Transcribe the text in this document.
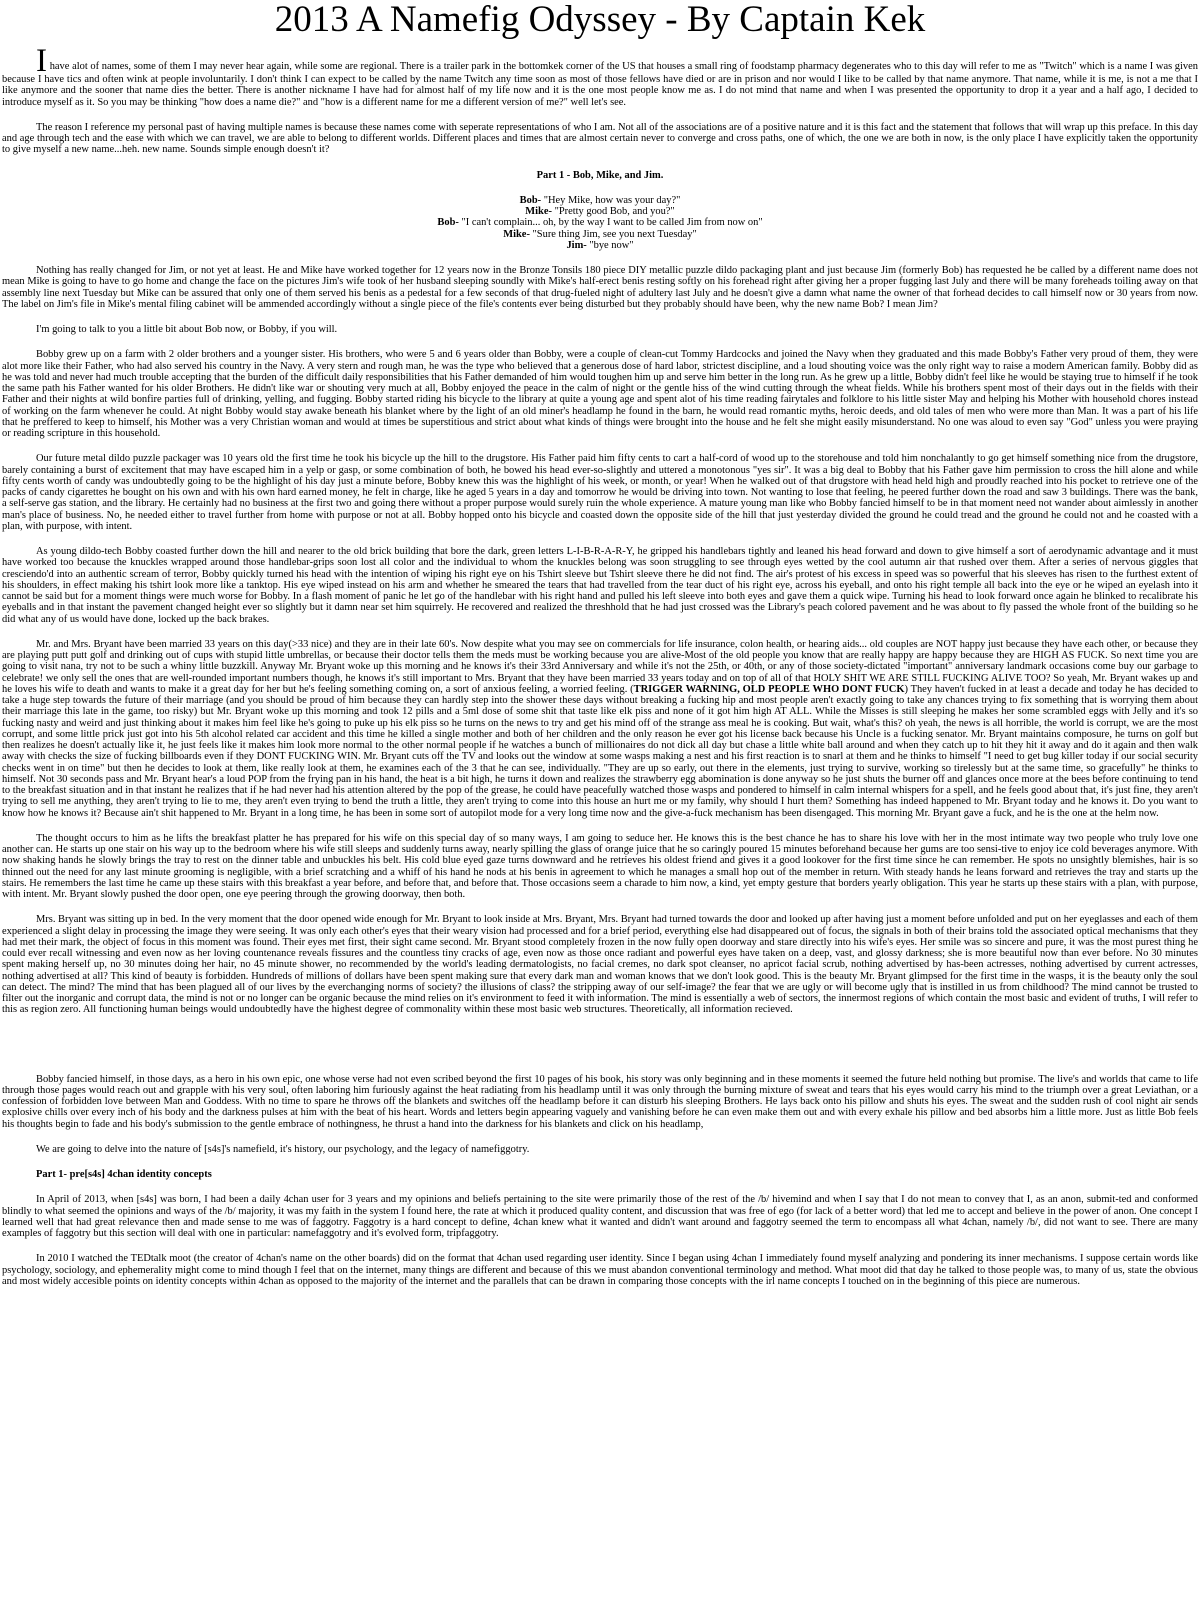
2013 A Namefig Odyssey - By Captain Kek

I have alot of names, some of them I may never hear again, while some are regional. There is a trailer park in the bottomkek corner of the US that houses a small ring of foodstamp pharmacy degenerates who to this day will refer to me as "Twitch" which is a name I was given because I have tics and often wink at people involuntarily. I don't think I can expect to be called by the name Twitch any time soon as most of those fellows have died or are in prison and nor would I like to be called by that name anymore. That name, while it is me, is not a me that I like anymore and the sooner that name dies the better. There is another nickname I have had for almost half of my life now and it is the one most people know me as. I do not mind that name and when I was presented the opportunity to drop it a year and a half ago, I decided to introduce myself as it. So you may be thinking "how does a name die?" and "how is a different name for me a different version of me?" well let's see.

The reason I reference my personal past of having multiple names is because these names come with seperate representations of who I am. Not all of the associations are of a positive nature and it is this fact and the statement that follows that will wrap up this preface. In this day and age through tech and the ease with which we can travel, we are able to belong to different worlds. Different places and times that are almost certain never to converge and cross paths, one of which, the one we are both in now, is the only place I have explicitly taken the opportunity to give myself a new name...heh. new name. Sounds simple enough doesn't it?

Part 1 - Bob, Mike, and Jim.

Bob- "Hey Mike, how was your day?"
Mike- "Pretty good Bob, and you?"
Bob- "I can't complain... oh, by the way I want to be called Jim from now on"
Mike- "Sure thing Jim, see you next Tuesday"
Jim- "bye now"

Nothing has really changed for Jim, or not yet at least. He and Mike have worked together for 12 years now in the Bronze Tonsils 180 piece DIY metallic puzzle dildo packaging plant and just because Jim (formerly Bob) has requested he be called by a different name does not mean Mike is going to have to go home and change the face on the pictures Jim's wife took of her husband sleeping soundly with Mike's half-erect benis resting softly on his forehead right after giving her a proper fugging last July and there will be many foreheads toiling away on that assembly line next Tuesday but Mike can be assured that only one of them served his benis as a pedestal for a few seconds of that drug-fueled night of adultery last July and he doesn't give a damn what name the owner of that forhead decides to call himself now or 30 years from now. The label on Jim's file in Mike's mental filing cabinet will be ammended accordingly without a single piece of the file's contents ever being disturbed but they probably should have been, why the new name Bob? I mean Jim?

I'm going to talk to you a little bit about Bob now, or Bobby, if you will.

Bobby grew up on a farm with 2 older brothers and a younger sister. His brothers, who were 5 and 6 years older than Bobby, were a couple of clean-cut Tommy Hardcocks and joined the Navy when they graduated and this made Bobby's Father very proud of them, they were alot more like their Father, who had also served his country in the Navy. A very stern and rough man, he was the type who believed that a generous dose of hard labor, strictest discipline, and a loud shouting voice was the only right way to raise a modern American family. Bobby did as he was told and never had much trouble accepting that the burden of the difficult daily responsibilities that his Father demanded of him would toughen him up and serve him better in the long run. As he grew up a little, Bobby didn't feel like he would be staying true to himself if he took the same path his Father wanted for his older Brothers. He didn't like war or shouting very much at all, Bobby enjoyed the peace in the calm of night or the gentle hiss of the wind cutting through the wheat fields. While his brothers spent most of their days out in the fields with their Father and their nights at wild bonfire parties full of drinking, yelling, and fugging. Bobby started riding his bicycle to the library at quite a young age and spent alot of his time reading fairytales and folklore to his little sister May and helping his Mother with household chores instead of working on the farm whenever he could. At night Bobby would stay awake beneath his blanket where by the light of an old miner's headlamp he found in the barn, he would read romantic myths, heroic deeds, and old tales of men who were more than Man. It was a part of his life that he preffered to keep to himself, his Mother was a very Christian woman and would at times be superstitious and strict about what kinds of things were brought into the house and he felt she might easily misunderstand. No one was aloud to even say "God" unless you were praying or reading scripture in this household.

Our future metal dildo puzzle packager was 10 years old the first time he took his bicycle up the hill to the drugstore. His Father paid him fifty cents to cart a half-cord of wood up to the storehouse and told him nonchalantly to go get himself something nice from the drugstore, barely containing a burst of excitement that may have escaped him in a yelp or gasp, or some combination of both, he bowed his head ever-so-slightly and uttered a monotonous "yes sir". It was a big deal to Bobby that his Father gave him permission to cross the hill alone and while fifty cents worth of candy was undoubtedly going to be the highlight of his day just a minute before, Bobby knew this was the highlight of his week, or month, or year! When he walked out of that drugstore with head held high and proudly reached into his pocket to retrieve one of the packs of candy cigarettes he bought on his own and with his own hard earned money, he felt in charge, like he aged 5 years in a day and tomorrow he would be driving into town. Not wanting to lose that feeling, he peered further down the road and saw 3 buildings. There was the bank, a self-serve gas station, and the library. He certainly had no business at the first two and going there without a proper purpose would surely ruin the whole experience. A mature young man like who Bobby fancied himself to be in that moment need not wander about aimlessly in another man's place of business. No, he needed either to travel further from home with purpose or not at all. Bobby hopped onto his bicycle and coasted down the opposite side of the hill that just yesterday divided the ground he could tread and the ground he could not and he coasted with a plan, with purpose, with intent.

As young dildo-tech Bobby coasted further down the hill and nearer to the old brick building that bore the dark, green letters L-I-B-R-A-R-Y, he gripped his handlebars tightly and leaned his head forward and down to give himself a sort of aerodynamic advantage and it must have worked too because the knuckles wrapped around those handlebar-grips soon lost all color and the individual to whom the knuckles belong was soon struggling to see through eyes wetted by the cool autumn air that rushed over them. After a series of nervous giggles that cresciendo'd into an authentic scream of terror, Bobby quickly turned his head with the intention of wiping his right eye on his Tshirt sleeve but Tshirt sleeve there he did not find. The air's protest of his excess in speed was so powerful that his sleeves has risen to the furthest extent of his shoulders, in effect making his tshirt look more like a tanktop. His eye wiped instead on his arm and whether he smeared the tears that had travelled from the tear duct of his right eye, across his eyeball, and onto his right temple all back into the eye or he wiped an eyelash into it cannot be said but for a moment things were much worse for Bobby. In a flash moment of panic he let go of the handlebar with his right hand and pulled his left sleeve into both eyes and gave them a quick wipe. Turning his head to look forward once again he blinked to recalibrate his eyeballs and in that instant the pavement changed height ever so slightly but it damn near set him squirrely. He recovered and realized the threshhold that he had just crossed was the Library's peach colored pavement and he was about to fly passed the whole front of the building so he did what any of us would have done, locked up the back brakes.

Mr. and Mrs. Bryant have been married 33 years on this day(>33 nice) and they are in their late 60's. Now despite what you may see on commercials for life insurance, colon health, or hearing aids... old couples are NOT happy just because they have each other, or because they are playing putt putt golf and drinking out of cups with stupid little umbrellas, or because their doctor tells them the meds must be working because you are alive-Most of the old people you know that are really happy are happy because they are HIGH AS FUCK. So next time you are going to visit nana, try not to be such a whiny little buzzkill. Anyway Mr. Bryant woke up this morning and he knows it's their 33rd Anniversary and while it's not the 25th, or 40th, or any of those society-dictated "important" anniversary landmark occasions come buy our garbage to celebrate! we only sell the ones that are well-rounded important numbers though, he knows it's still important to Mrs. Bryant that they have been married 33 years today and on top of all of that HOLY SHIT WE ARE STILL FUCKING ALIVE TOO? So yeah, Mr. Bryant wakes up and he loves his wife to death and wants to make it a great day for her but he's feeling something coming on, a sort of anxious feeling, a worried feeling. (TRIGGER WARNING, OLD PEOPLE WHO DONT FUCK) They haven't fucked in at least a decade and today he has decided to take a huge step towards the future of their marriage (and you should be proud of him because they can hardly step into the shower these days without breaking a fucking hip and most people aren't exactly going to take any chances trying to fix something that is worrying them about their marriage this late in the game, too risky) but Mr. Bryant woke up this morning and took 12 pills and a 5ml dose of some shit that taste like elk piss and none of it got him high AT ALL. While the Misses is still sleeping he makes her some scrambled eggs with Jelly and it's so fucking nasty and weird and just thinking about it makes him feel like he's going to puke up his elk piss so he turns on the news to try and get his mind off of the strange ass meal he is cooking. But wait, what's this? oh yeah, the news is all horrible, the world is corrupt, we are the most corrupt, and some little prick just got into his 5th alcohol related car accident and this time he killed a single mother and both of her children and the only reason he ever got his license back because his Uncle is a fucking senator. Mr. Bryant maintains composure, he turns on golf but then realizes he doesn't actually like it, he just feels like it makes him look more normal to the other normal people if he watches a bunch of millionaires do not dick all day but chase a little white ball around and when they catch up to hit they hit it away and do it again and then walk away with checks the size of fucking billboards even if they DONT FUCKING WIN. Mr. Bryant cuts off the TV and looks out the window at some wasps making a nest and his first reaction is to snarl at them and he thinks to himself "I need to get bug killer today if our social security checks went in on time" but then he decides to look at them, like really look at them, he examines each of the 3 that he can see, individually. "They are up so early, out there in the elements, just trying to survive, working so tirelessly but at the same time, so gracefully" he thinks to himself. Not 30 seconds pass and Mr. Bryant hear's a loud POP from the frying pan in his hand, the heat is a bit high, he turns it down and realizes the strawberry egg abomination is done anyway so he just shuts the burner off and glances once more at the bees before continuing to tend to the breakfast situation and in that instant he realizes that if he had never had his attention altered by the pop of the grease, he could have peacefully watched those wasps and pondered to himself in calm internal whispers for a spell, and he feels good about that, it's just fine, they aren't trying to sell me anything, they aren't trying to lie to me, they aren't even trying to bend the truth a little, they aren't trying to come into this house an hurt me or my family, why should I hurt them? Something has indeed happened to Mr. Bryant today and he knows it. Do you want to know how he knows it? Because ain't shit happened to Mr. Bryant in a long time, he has been in some sort of autopilot mode for a very long time now and the give-a-fuck mechanism has been disengaged. This morning Mr. Bryant gave a fuck, and he is the one at the helm now.

The thought occurs to him as he lifts the breakfast platter he has prepared for his wife on this special day of so many ways, I am going to seduce her. He knows this is the best chance he has to share his love with her in the most intimate way two people who truly love one another can. He starts up one stair on his way up to the bedroom where his wife still sleeps and suddenly turns away, nearly spilling the glass of orange juice that he so caringly poured 15 minutes beforehand because her gums are too sensi-tive to enjoy ice cold beverages anymore. With now shaking hands he slowly brings the tray to rest on the dinner table and unbuckles his belt. His cold blue eyed gaze turns downward and he retrieves his oldest friend and gives it a good lookover for the first time since he can remember. He spots no unsightly blemishes, hair is so thinned out the need for any last minute grooming is negligible, with a brief scratching and a whiff of his hand he nods at his benis in agreement to which he manages a small hop out of the member in return. With steady hands he leans forward and retrieves the tray and starts up the stairs. He remembers the last time he came up these stairs with this breakfast a year before, and before that, and before that. Those occasions seem a charade to him now, a kind, yet empty gesture that borders yearly obligation. This year he starts up these stairs with a plan, with purpose, with intent. Mr. Bryant slowly pushed the door open, one eye peering through the growing doorway, then both.

Mrs. Bryant was sitting up in bed. In the very moment that the door opened wide enough for Mr. Bryant to look inside at Mrs. Bryant, Mrs. Bryant had turned towards the door and looked up after having just a moment before unfolded and put on her eyeglasses and each of them experienced a slight delay in processing the image they were seeing. It was only each other's eyes that their weary vision had processed and for a brief period, everything else had disappeared out of focus, the signals in both of their brains told the associated optical mechanisms that they had met their mark, the object of focus in this moment was found. Their eyes met first, their sight came second. Mr. Bryant stood completely frozen in the now fully open doorway and stare directly into his wife's eyes. Her smile was so sincere and pure, it was the most purest thing he could ever recall witnessing and even now as her loving countenance reveals fissures and the countless tiny cracks of age, even now as those once radiant and powerful eyes have taken on a deep, vast, and glossy darkness; she is more beautiful now than ever before. No 30 minutes spent making herself up, no 30 minutes doing her hair, no 45 minute shower, no recommended by the world's leading dermatologists, no facial cremes, no dark spot cleanser, no apricot facial scrub, nothing advertised by has-been actresses, nothing advertised by current actresses, nothing advertised at all? This kind of beauty is forbidden. Hundreds of millions of dollars have been spent making sure that every dark man and woman knows that we don't look good. This is the beauty Mr. Bryant glimpsed for the first time in the wasps, it is the beauty only the soul can detect. The mind? The mind that has been plagued all of our lives by the everchanging norms of society? the illusions of class? the stripping away of our self-image? the fear that we are ugly or will become ugly that is instilled in us from childhood? The mind cannot be trusted to filter out the inorganic and corrupt data, the mind is not or no longer can be organic because the mind relies on it's environment to feed it with information. The mind is essentially a web of sectors, the innermost regions of which contain the most basic and evident of truths, I will refer to this as region zero. All functioning human beings would undoubtedly have the highest degree of commonality within these most basic web structures. Theoretically, all information recieved.

Bobby fancied himself, in those days, as a hero in his own epic, one whose verse had not even scribed beyond the first 10 pages of his book, his story was only beginning and in these moments it seemed the future held nothing but promise. The live's and worlds that came to life through those pages would reach out and grapple with his very soul, often laboring him furiously against the heat radiating from his headlamp until it was only through the burning mixture of sweat and tears that his eyes would carry his mind to the triumph over a great Leviathan, or a confession of forbidden love between Man and Goddess. With no time to spare he throws off the blankets and switches off the headlamp before it can disturb his sleeping Brothers. He lays back onto his pillow and shuts his eyes. The sweat and the sudden rush of cool night air sends explosive chills over every inch of his body and the darkness pulses at him with the beat of his heart. Words and letters begin appearing vaguely and vanishing before he can even make them out and with every exhale his pillow and bed absorbs him a little more. Just as little Bob feels his thoughts begin to fade and his body's submission to the gentle embrace of nothingness, he thrust a hand into the darkness for his blankets and click on his headlamp,

We are going to delve into the nature of [s4s]'s namefield, it's history, our psychology, and the legacy of namefiggotry.

Part 1- pre[s4s] 4chan identity concepts

In April of 2013, when [s4s] was born, I had been a daily 4chan user for 3 years and my opinions and beliefs pertaining to the site were primarily those of the rest of the /b/ hivemind and when I say that I do not mean to convey that I, as an anon, submit-ted and conformed blindly to what seemed the opinions and ways of the /b/ majority, it was my faith in the system I found here, the rate at which it produced quality content, and discussion that was free of ego (for lack of a better word) that led me to accept and believe in the power of anon. One concept I learned well that had great relevance then and made sense to me was of faggotry. Faggotry is a hard concept to define, 4chan knew what it wanted and didn't want around and faggotry seemed the term to encompass all what 4chan, namely /b/, did not want to see. There are many examples of faggotry but this section will deal with one in particular: namefaggotry and it's evolved form, tripfaggotry.

In 2010 I watched the TEDtalk moot (the creator of 4chan's name on the other boards) did on the format that 4chan used regarding user identity. Since I began using 4chan I immediately found myself analyzing and pondering its inner mechanisms. I suppose certain words like psychology, sociology, and ephemerality might come to mind though I feel that on the internet, many things are different and because of this we must abandon conventional terminology and method. What moot did that day he talked to those people was, to many of us, state the obvious and most widely accesible points on identity concepts within 4chan as opposed to the majority of the internet and the parallels that can be drawn in comparing those concepts with the irl name concepts I touched on in the beginning of this piece are numerous.
